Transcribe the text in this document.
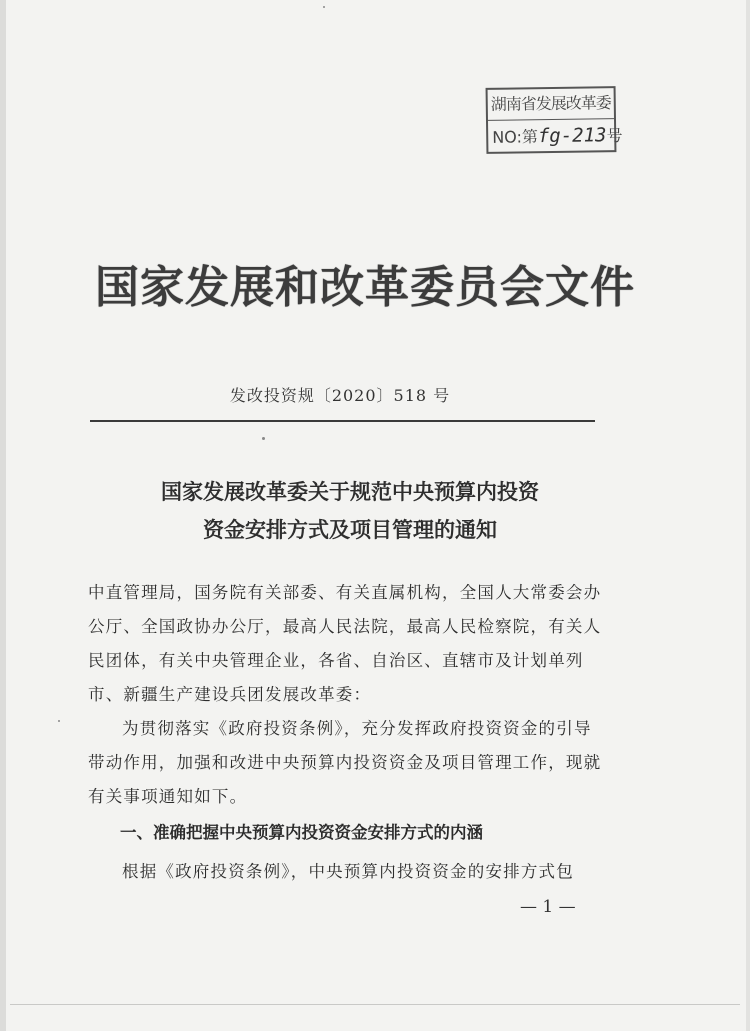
湖南省发展改革委
NO:第fg-213号
国家发展和改革委员会文件
发改投资规〔2020〕518 号
国家发展改革委关于规范中央预算内投资
资金安排方式及项目管理的通知
中直管理局，国务院有关部委、有关直属机构，全国人大常委会办公厅、全国政协办公厅，最高人民法院，最高人民检察院，有关人民团体，有关中央管理企业，各省、自治区、直辖市及计划单列市、新疆生产建设兵团发展改革委：
为贯彻落实《政府投资条例》，充分发挥政府投资资金的引导带动作用，加强和改进中央预算内投资资金及项目管理工作，现就有关事项通知如下。
一、准确把握中央预算内投资资金安排方式的内涵
根据《政府投资条例》，中央预算内投资资金的安排方式包
— 1 —
